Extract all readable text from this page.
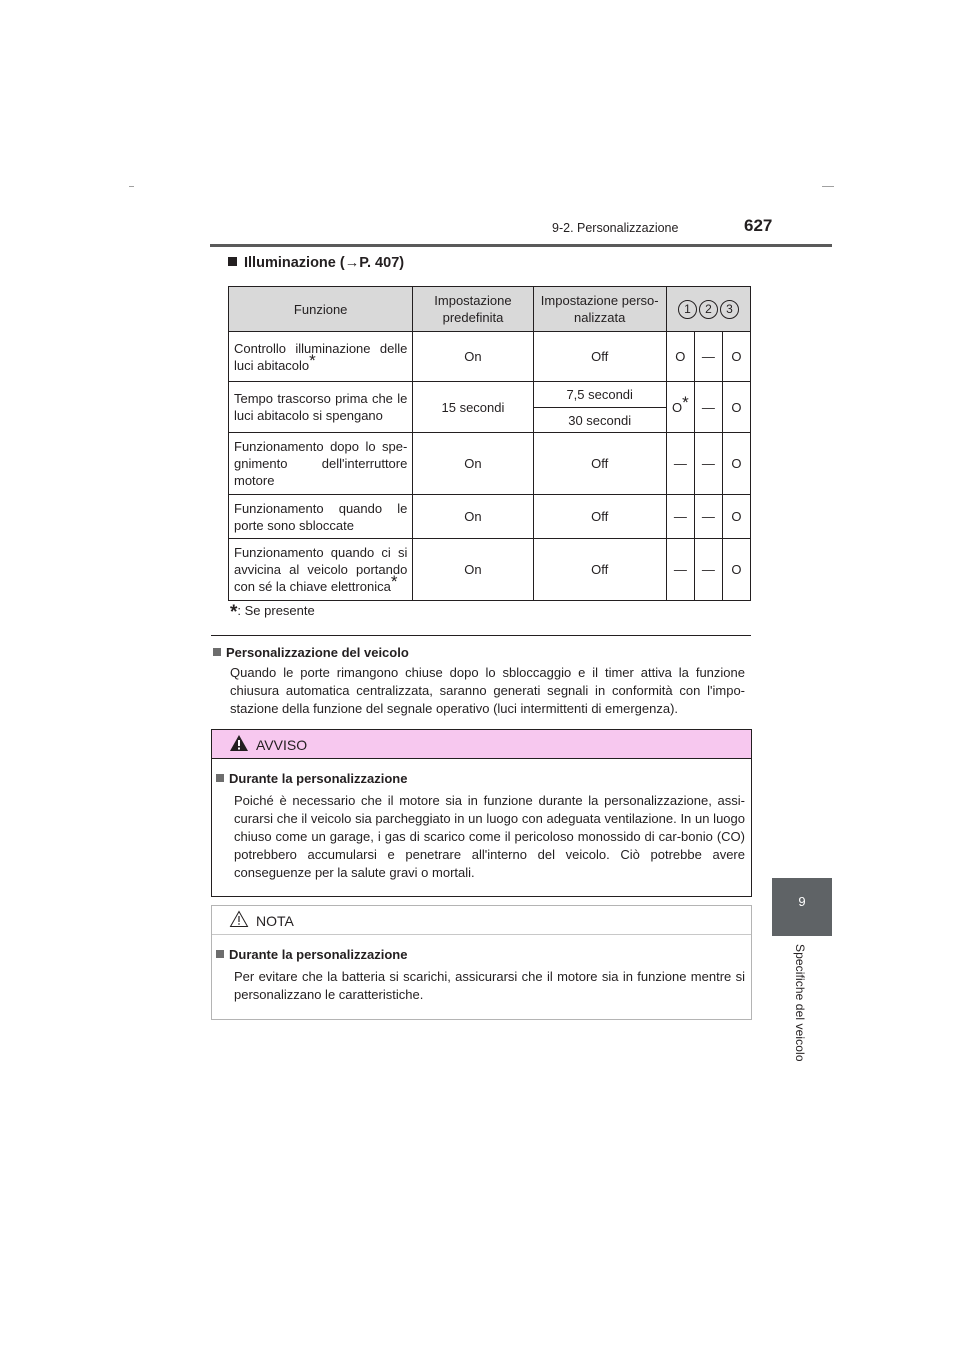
9-2. Personalizzazione	627
9
Specifiche del veicolo
Illuminazione (→P. 407)
Funzione	Impostazione predefinita	Impostazione perso-nalizzata	1 2 3		
Controllo illuminazione delle luci abitacolo*	On	Off	O	—	O
Tempo trascorso prima che le luci abitacolo si spengano	15 secondi	7,5 secondi	O*	—	O
		30 secondi			
Funzionamento dopo lo spe-gnimento dell'interruttore motore	On	Off	—	—	O
Funzionamento quando le porte sono sbloccate	On	Off	—	—	O
Funzionamento quando ci si avvicina al veicolo portando con sé la chiave elettronica*	On	Off	—	—	O
*: Se presente
Personalizzazione del veicolo
Quando le porte rimangono chiuse dopo lo sbloccaggio e il timer attiva la funzione chiusura automatica centralizzata, saranno generati segnali in conformità con l'impo-stazione della funzione del segnale operativo (luci intermittenti di emergenza).
AVVISO
Durante la personalizzazione
Poiché è necessario che il motore sia in funzione durante la personalizzazione, assi-curarsi che il veicolo sia parcheggiato in un luogo con adeguata ventilazione. In un luogo chiuso come un garage, i gas di scarico come il pericoloso monossido di car-bonio (CO) potrebbero accumularsi e penetrare all'interno del veicolo. Ciò potrebbe avere conseguenze per la salute gravi o mortali.
NOTA
Durante la personalizzazione
Per evitare che la batteria si scarichi, assicurarsi che il motore sia in funzione mentre si personalizzano le caratteristiche.
